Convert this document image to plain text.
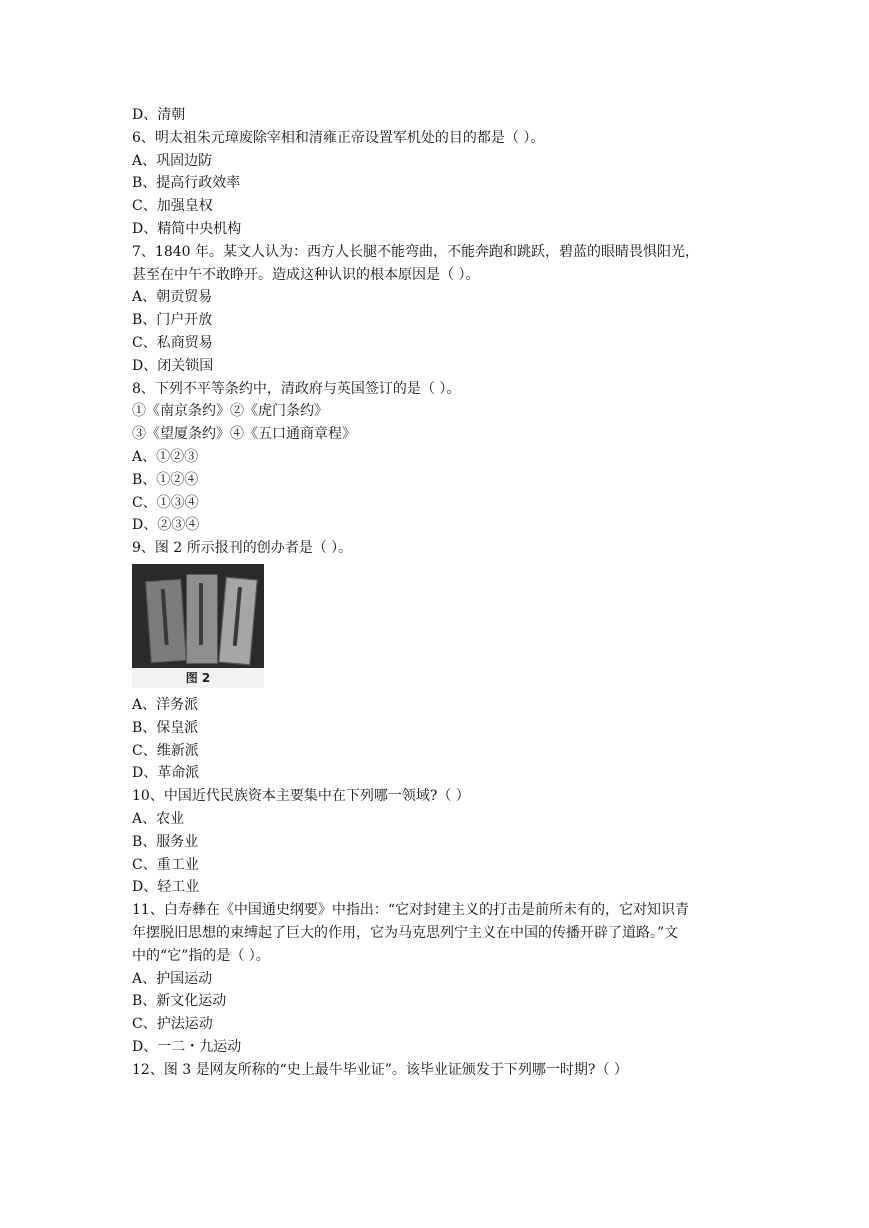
D、清朝
6、明太祖朱元璋废除宰相和清雍正帝设置军机处的目的都是（ ）。
A、巩固边防
B、提高行政效率
C、加强皇权
D、精简中央机构
7、1840 年。某文人认为：西方人长腿不能弯曲，不能奔跑和跳跃，碧蓝的眼睛畏惧阳光，
甚至在中午不敢睁开。造成这种认识的根本原因是（ ）。
A、朝贡贸易
B、门户开放
C、私商贸易
D、闭关锁国
8、下列不平等条约中，清政府与英国签订的是（ ）。
①《南京条约》②《虎门条约》
③《望厦条约》④《五口通商章程》
A、①②③
B、①②④
C、①③④
D、②③④
9、图 2 所示报刊的创办者是（ ）。
图 2
A、洋务派
B、保皇派
C、维新派
D、革命派
10、中国近代民族资本主要集中在下列哪一领域?（ ）
A、农业
B、服务业
C、重工业
D、轻工业
11、白寿彝在《中国通史纲要》中指出：“它对封建主义的打击是前所未有的，它对知识青
年摆脱旧思想的束缚起了巨大的作用，它为马克思列宁主义在中国的传播开辟了道路。”文
中的“它”指的是（ ）。
A、护国运动
B、新文化运动
C、护法运动
D、一二・九运动
12、图 3 是网友所称的“史上最牛毕业证”。该毕业证颁发于下列哪一时期?（ ）
